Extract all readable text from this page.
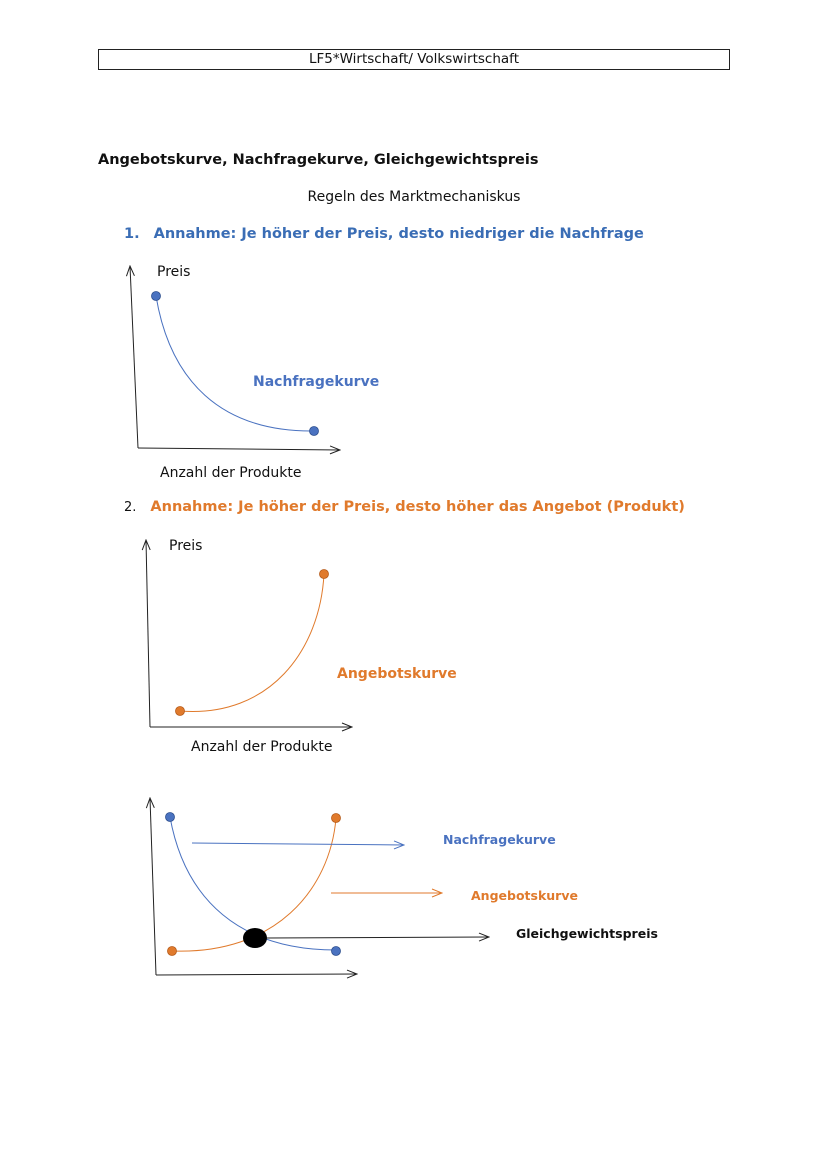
LF5*Wirtschaft/ Volkswirtschaft
Angebotskurve, Nachfragekurve, Gleichgewichtspreis
Regeln des Marktmechaniskus
1. Annahme: Je höher der Preis, desto niedriger die Nachfrage
2. Annahme: Je höher der Preis, desto höher das Angebot (Produkt)
Preis
Nachfragekurve
Anzahl der Produkte
Preis
Angebotskurve
Anzahl der Produkte
Nachfragekurve
Angebotskurve
Gleichgewichtspreis
